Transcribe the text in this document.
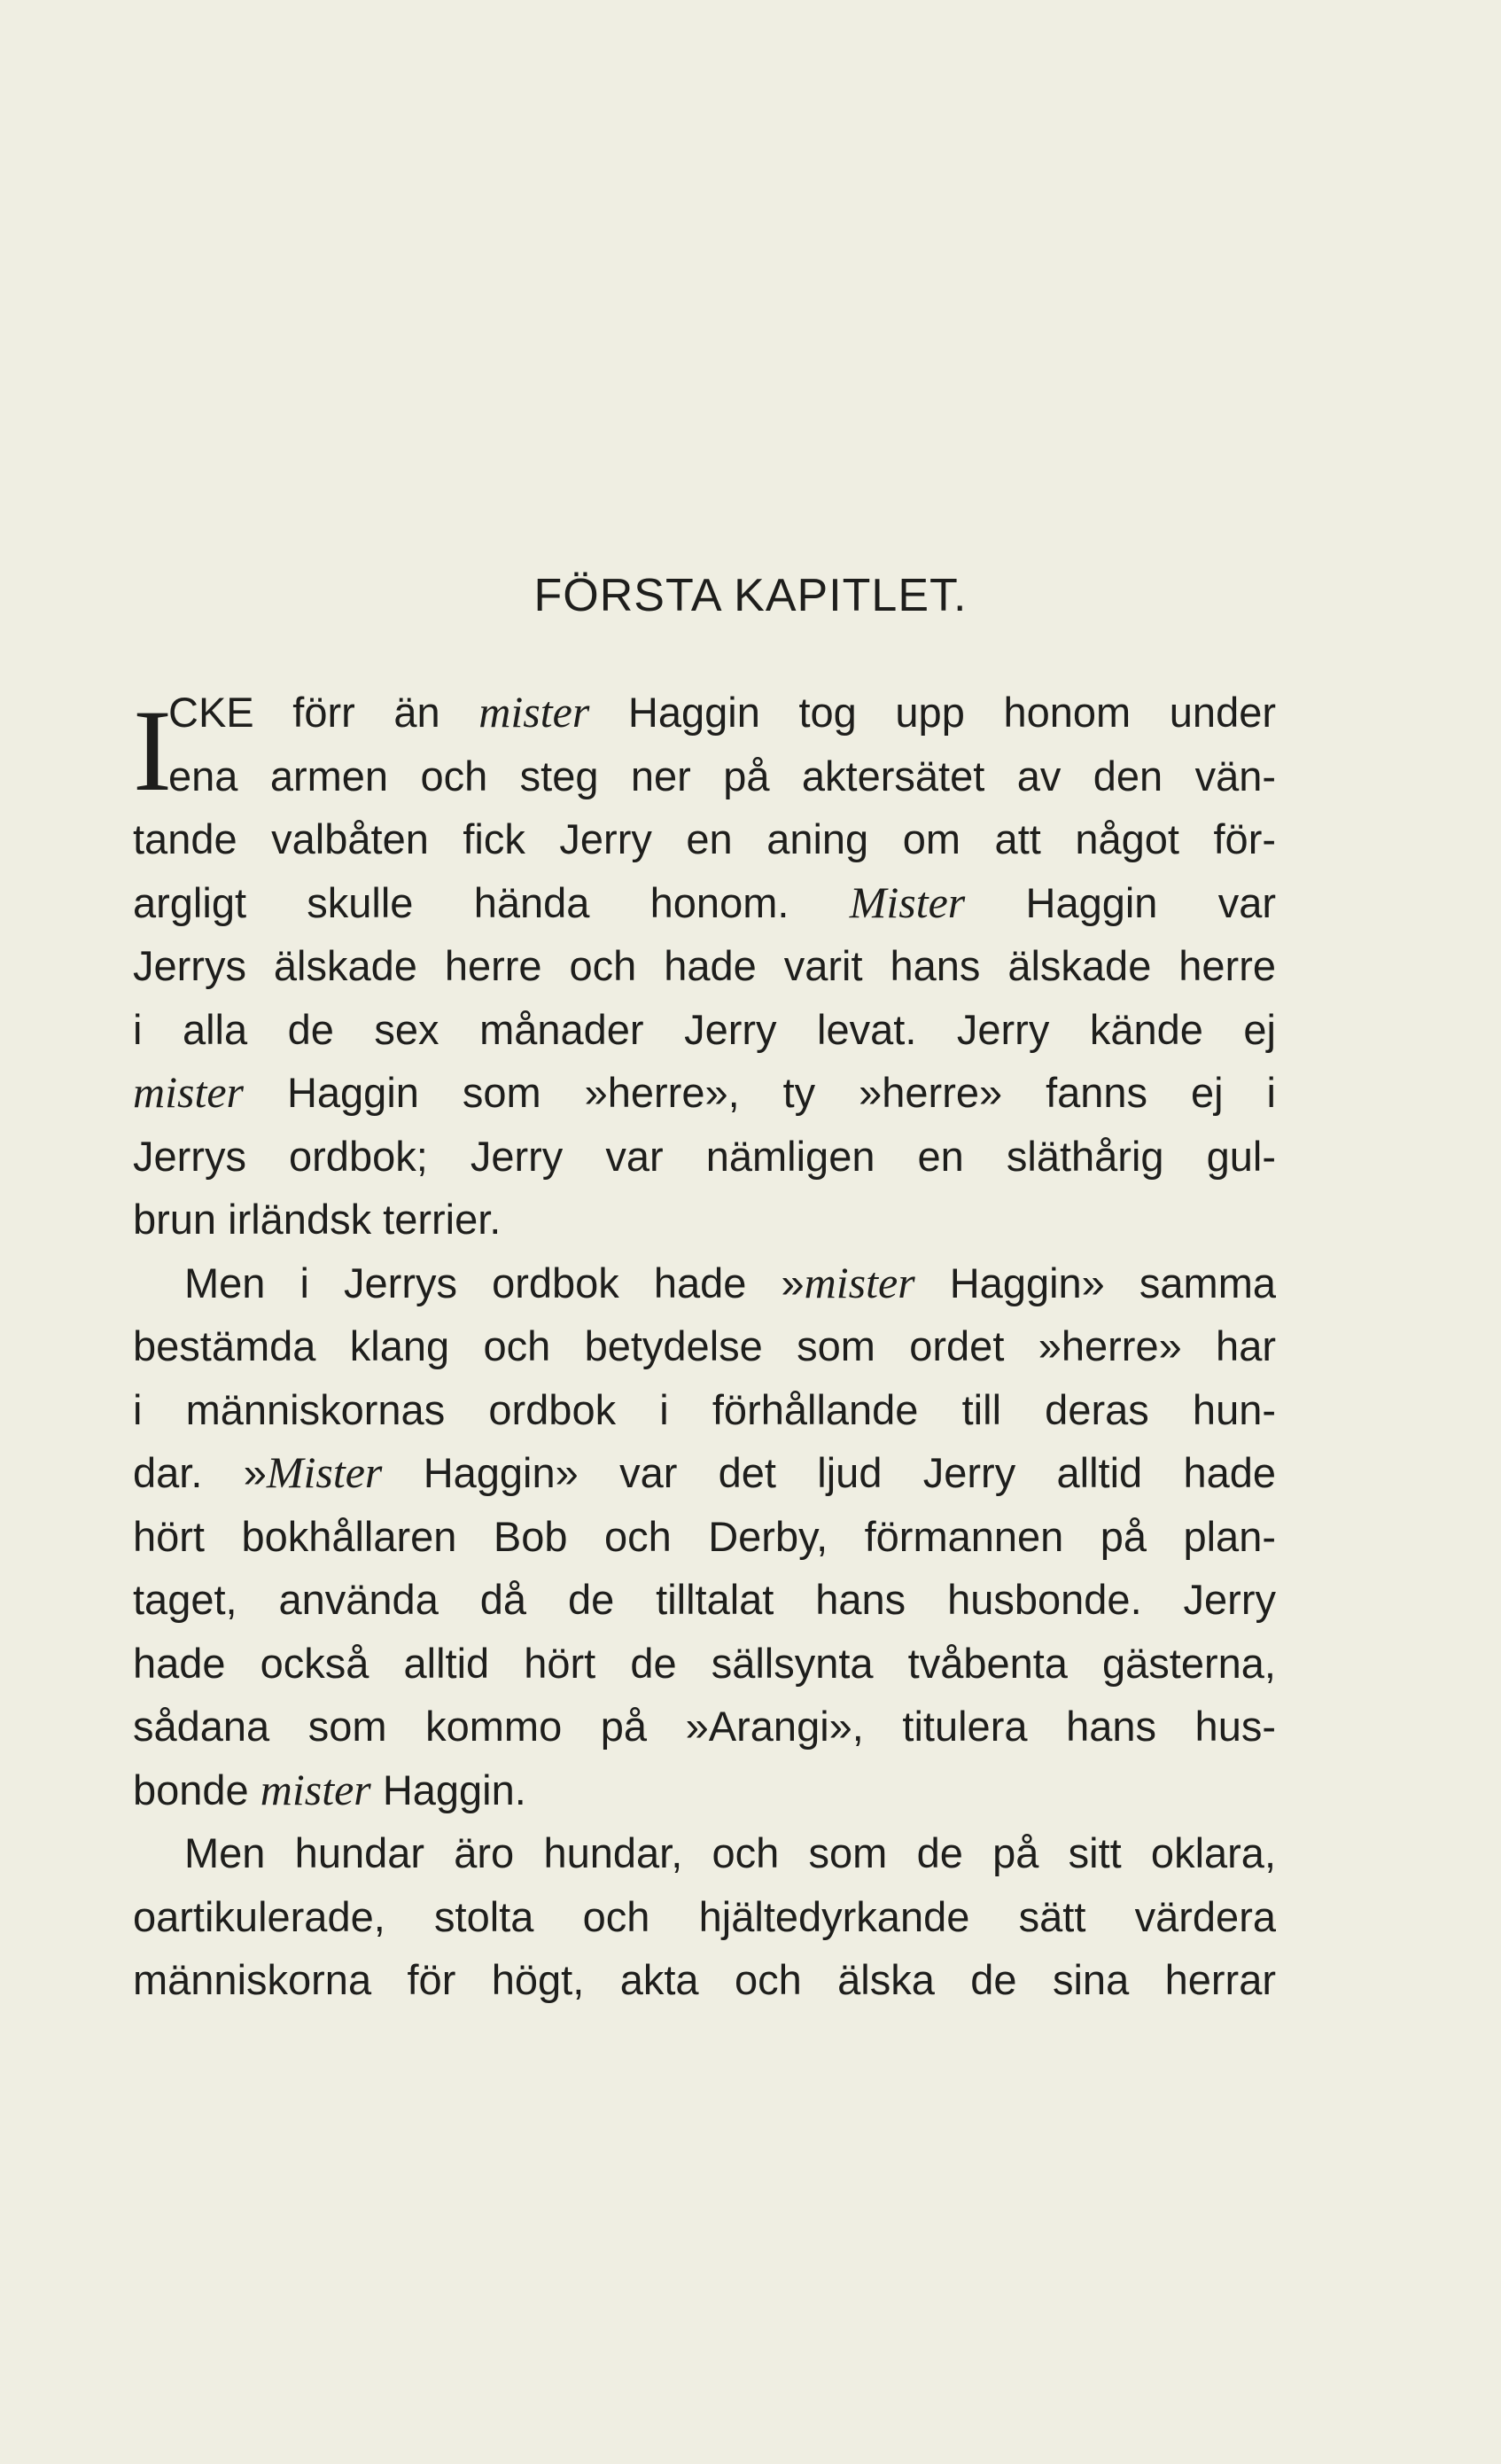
FÖRSTA KAPITLET.
I
CKE förr än mister Haggin tog upp honom under
ena armen och steg ner på aktersätet av den vän-
tande valbåten fick Jerry en aning om att något för-
argligt skulle hända honom. Mister Haggin var
Jerrys älskade herre och hade varit hans älskade herre
i alla de sex månader Jerry levat. Jerry kände ej
mister Haggin som »herre», ty »herre» fanns ej i
Jerrys ordbok; Jerry var nämligen en släthårig gul-
brun irländsk terrier.
Men i Jerrys ordbok hade »mister Haggin» samma
bestämda klang och betydelse som ordet »herre» har
i människornas ordbok i förhållande till deras hun-
dar. »Mister Haggin» var det ljud Jerry alltid hade
hört bokhållaren Bob och Derby, förmannen på plan-
taget, använda då de tilltalat hans husbonde. Jerry
hade också alltid hört de sällsynta tvåbenta gästerna,
sådana som kommo på »Arangi», titulera hans hus-
bonde mister Haggin.
Men hundar äro hundar, och som de på sitt oklara,
oartikulerade, stolta och hjältedyrkande sätt värdera
människorna för högt, akta och älska de sina herrar
